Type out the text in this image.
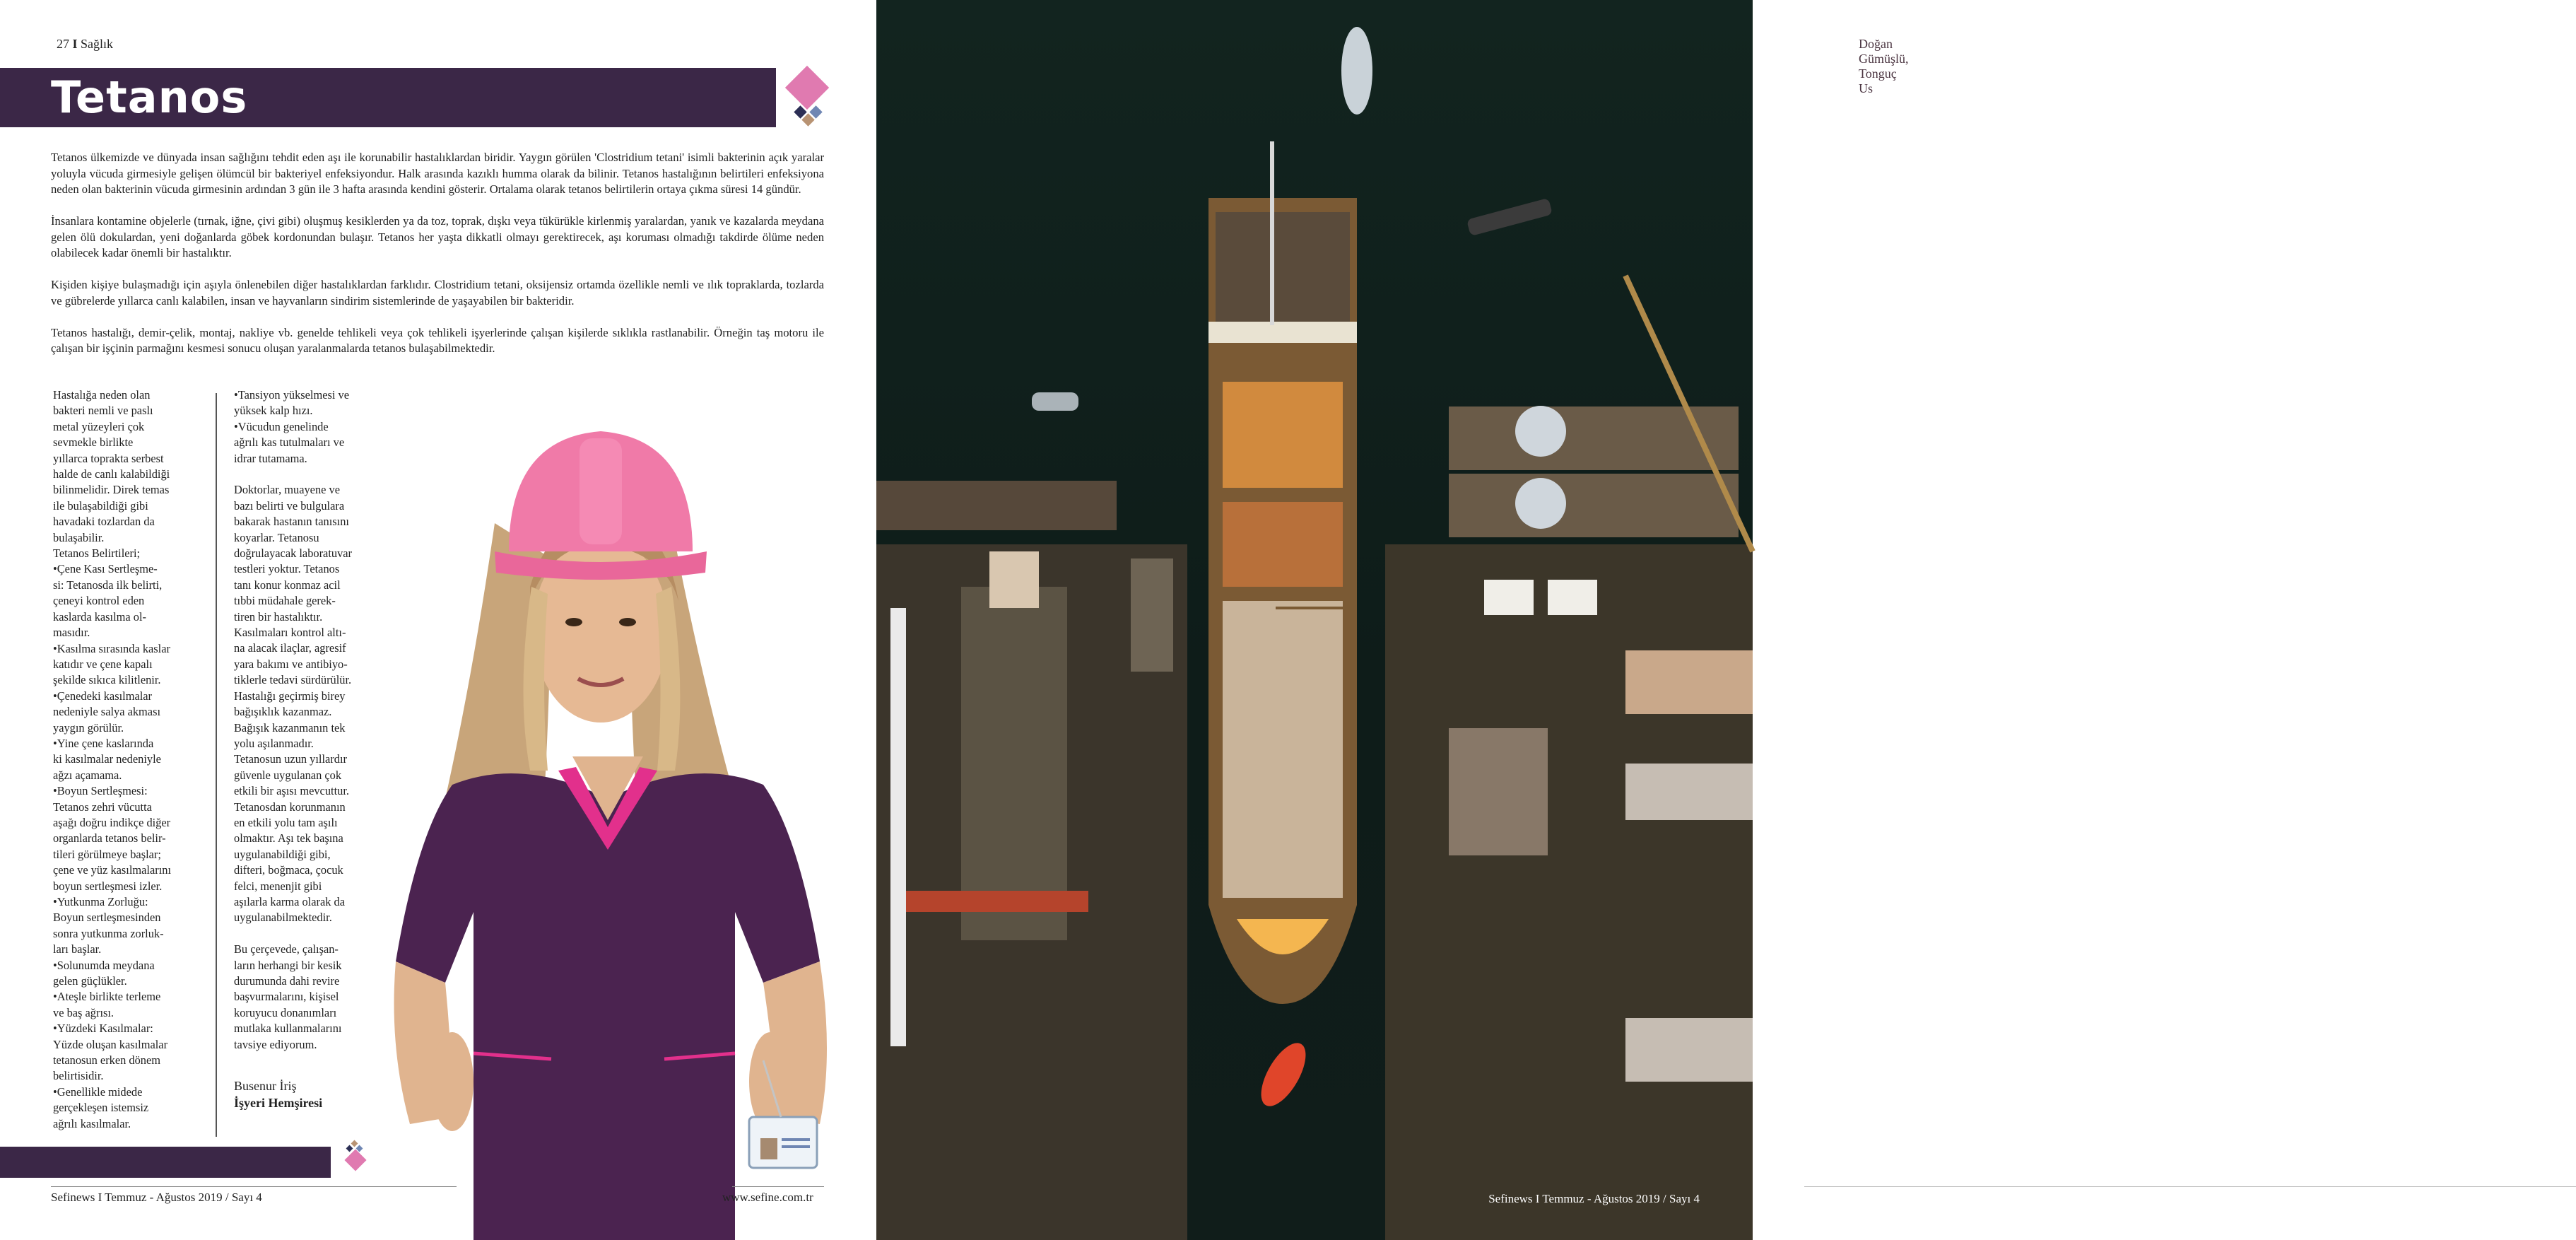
27 I Sağlık
Tetanos

Tetanos ülkemizde ve dünyada insan sağlığını tehdit eden aşı ile korunabilir hastalıklardan biridir. Yaygın görülen 'Clostridium tetani' isimli bakterinin açık yaralar yoluyla vücuda girmesiyle gelişen ölümcül bir bakteriyel enfeksiyondur. Halk arasında kazıklı humma olarak da bilinir. Tetanos hastalığının belirtileri enfeksiyona neden olan bakterinin vücuda girmesinin ardından 3 gün ile 3 hafta arasında kendini gösterir. Ortalama olarak tetanos belirtilerin ortaya çıkma süresi 14 gündür.

İnsanlara kontamine objelerle (tırnak, iğne, çivi gibi) oluşmuş kesiklerden ya da toz, toprak, dışkı veya tükürükle kirlenmiş yaralardan, yanık ve kazalarda meydana gelen ölü dokulardan, yeni doğanlarda göbek kordonundan bulaşır. Tetanos her yaşta dikkatli olmayı gerektirecek, aşı koruması olmadığı takdirde ölüme neden olabilecek kadar önemli bir hastalıktır.

Kişiden kişiye bulaşmadığı için aşıyla önlenebilen diğer hastalıklardan farklıdır. Clostridium tetani, oksijensiz ortamda özellikle nemli ve ılık topraklarda, tozlarda ve gübrelerde yıllarca canlı kalabilen, insan ve hayvanların sindirim sistemlerinde de yaşayabilen bir bakteridir.

Tetanos hastalığı, demir-çelik, montaj, nakliye vb. genelde tehlikeli veya çok tehlikeli işyerlerinde çalışan kişilerde sıklıkla rastlanabilir. Örneğin taş motoru ile çalışan bir işçinin parmağını kesmesi sonucu oluşan yaralanmalarda tetanos bulaşabilmektedir.

Hastalığa neden olan
bakteri nemli ve paslı
metal yüzeyleri çok
sevmekle birlikte
yıllarca toprakta serbest
halde de canlı kalabildiği
bilinmelidir. Direk temas
ile bulaşabildiği gibi
havadaki tozlardan da
bulaşabilir.
Tetanos Belirtileri;
•Çene Kası Sertleşme-
si: Tetanosda ilk belirti,
çeneyi kontrol eden
kaslarda kasılma ol-
masıdır.
•Kasılma sırasında kaslar
katıdır ve çene kapalı
şekilde sıkıca kilitlenir.
•Çenedeki kasılmalar
nedeniyle salya akması
yaygın görülür.
•Yine çene kaslarında
ki kasılmalar nedeniyle
ağzı açamama.
•Boyun Sertleşmesi:
Tetanos zehri vücutta
aşağı doğru indikçe diğer
organlarda tetanos belir-
tileri görülmeye başlar;
çene ve yüz kasılmalarını
boyun sertleşmesi izler.
•Yutkunma Zorluğu:
Boyun sertleşmesinden
sonra yutkunma zorluk-
ları başlar.
•Solunumda meydana
gelen güçlükler.
•Ateşle birlikte terleme
ve baş ağrısı.
•Yüzdeki Kasılmalar:
Yüzde oluşan kasılmalar
tetanosun erken dönem
belirtisidir.
•Genellikle midede
gerçekleşen istemsiz
ağrılı kasılmalar.
•Tansiyon yükselmesi ve
yüksek kalp hızı.
•Vücudun genelinde
ağrılı kas tutulmaları ve
idrar tutamama.
Doktorlar, muayene ve
bazı belirti ve bulgulara
bakarak hastanın tanısını
koyarlar. Tetanosu
doğrulayacak laboratuvar
testleri yoktur. Tetanos
tanı konur konmaz acil
tıbbi müdahale gerek-
tiren bir hastalıktır.
Kasılmaları kontrol altı-
na alacak ilaçlar, agresif
yara bakımı ve antibiyo-
tiklerle tedavi sürdürülür.
Hastalığı geçirmiş birey
bağışıklık kazanmaz.
Bağışık kazanmanın tek
yolu aşılanmadır.
Tetanosun uzun yıllardır
güvenle uygulanan çok
etkili bir aşısı mevcuttur.
Tetanosdan korunmanın
en etkili yolu tam aşılı
olmaktır. Aşı tek başına
uygulanabildiği gibi,
difteri, boğmaca, çocuk
felci, menenjit gibi
aşılarla karma olarak da
uygulanabilmektedir.
Bu çerçevede, çalışan-
ların herhangi bir kesik
durumunda dahi revire
başvurmalarını, kişisel
koruyucu donanımları
mutlaka kullanmalarını
tavsiye ediyorum.
Busenur İriş
İşyeri Hemşiresi
Sefinews I Temmuz - Ağustos 2019 / Sayı 4	www.sefine.com.tr
Doğan Gümüşlü, Tonguç Us
www.sefine.com.tr
Sefinews I Temmuz - Ağustos 2019 / Sayı 4
